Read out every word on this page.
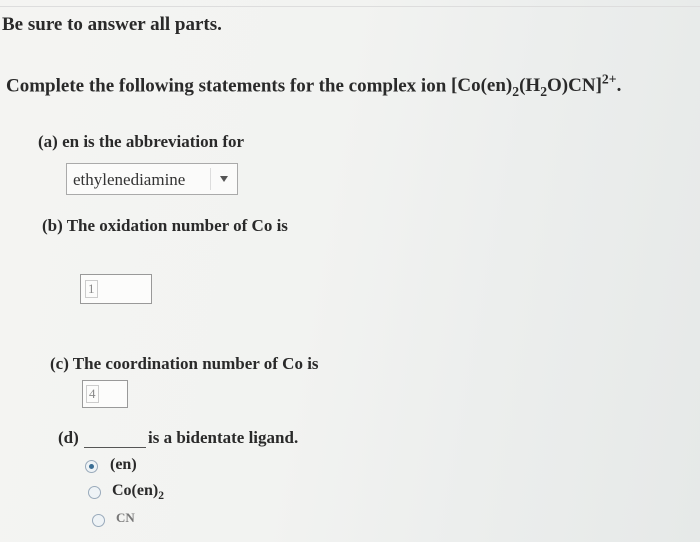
Be sure to answer all parts.
Complete the following statements for the complex ion $[Co(en)_2(H_2O)CN]^{2+}$.
(a) en is the abbreviation for
ethylenediamine
(b) The oxidation number of Co is
1
(c) The coordination number of Co is
4
(d)	is a bidentate ligand.
(en)
$Co(en)_2$
CN
